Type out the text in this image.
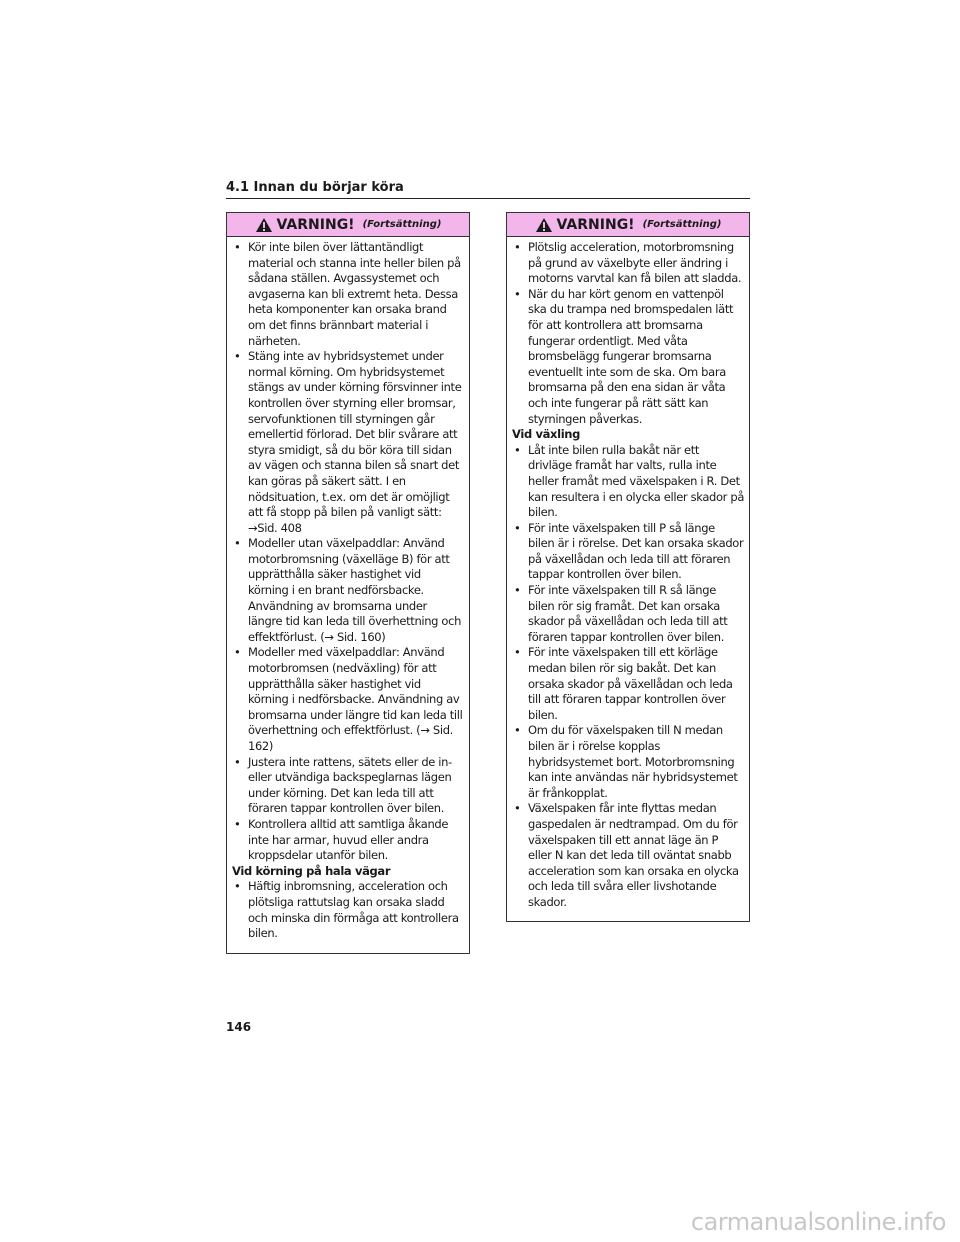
4.1 Innan du börjar köra
VARNING! (Fortsättning)
• Kör inte bilen över lättantändligt material och stanna inte heller bilen på sådana ställen. Avgassystemet och avgaserna kan bli extremt heta. Dessa heta komponenter kan orsaka brand om det finns brännbart material i närheten.
• Stäng inte av hybridsystemet under normal körning. Om hybridsystemet stängs av under körning försvinner inte kontrollen över styrning eller bromsar, servofunktionen till styrningen går emellertid förlorad. Det blir svårare att styra smidigt, så du bör köra till sidan av vägen och stanna bilen så snart det kan göras på säkert sätt. I en nödsituation, t.ex. om det är omöjligt att få stopp på bilen på vanligt sätt: →Sid. 408
• Modeller utan växelpaddlar: Använd motorbromsning (växelläge B) för att upprätthålla säker hastighet vid körning i en brant nedförsbacke. Användning av bromsarna under längre tid kan leda till överhettning och effektförlust. (→ Sid. 160)
• Modeller med växelpaddlar: Använd motorbromsen (nedväxling) för att upprätthålla säker hastighet vid körning i nedförsbacke. Användning av bromsarna under längre tid kan leda till överhettning och effektförlust. (→ Sid. 162)
• Justera inte rattens, sätets eller de in- eller utvändiga backspeglarnas lägen under körning. Det kan leda till att föraren tappar kontrollen över bilen.
• Kontrollera alltid att samtliga åkande inte har armar, huvud eller andra kroppsdelar utanför bilen.
Vid körning på hala vägar
• Häftig inbromsning, acceleration och plötsliga rattutslag kan orsaka sladd och minska din förmåga att kontrollera bilen.
VARNING! (Fortsättning)
• Plötslig acceleration, motorbromsning på grund av växelbyte eller ändring i motorns varvtal kan få bilen att sladda.
• När du har kört genom en vattenpöl ska du trampa ned bromspedalen lätt för att kontrollera att bromsarna fungerar ordentligt. Med våta bromsbelägg fungerar bromsarna eventuellt inte som de ska. Om bara bromsarna på den ena sidan är våta och inte fungerar på rätt sätt kan styrningen påverkas.
Vid växling
• Låt inte bilen rulla bakåt när ett drivläge framåt har valts, rulla inte heller framåt med växelspaken i R. Det kan resultera i en olycka eller skador på bilen.
• För inte växelspaken till P så länge bilen är i rörelse. Det kan orsaka skador på växellådan och leda till att föraren tappar kontrollen över bilen.
• För inte växelspaken till R så länge bilen rör sig framåt. Det kan orsaka skador på växellådan och leda till att föraren tappar kontrollen över bilen.
• För inte växelspaken till ett körläge medan bilen rör sig bakåt. Det kan orsaka skador på växellådan och leda till att föraren tappar kontrollen över bilen.
• Om du för växelspaken till N medan bilen är i rörelse kopplas hybridsystemet bort. Motorbromsning kan inte användas när hybridsystemet är frånkopplat.
• Växelspaken får inte flyttas medan gaspedalen är nedtrampad. Om du för växelspaken till ett annat läge än P eller N kan det leda till oväntat snabb acceleration som kan orsaka en olycka och leda till svåra eller livshotande skador.
146
carmanualsonline.info
